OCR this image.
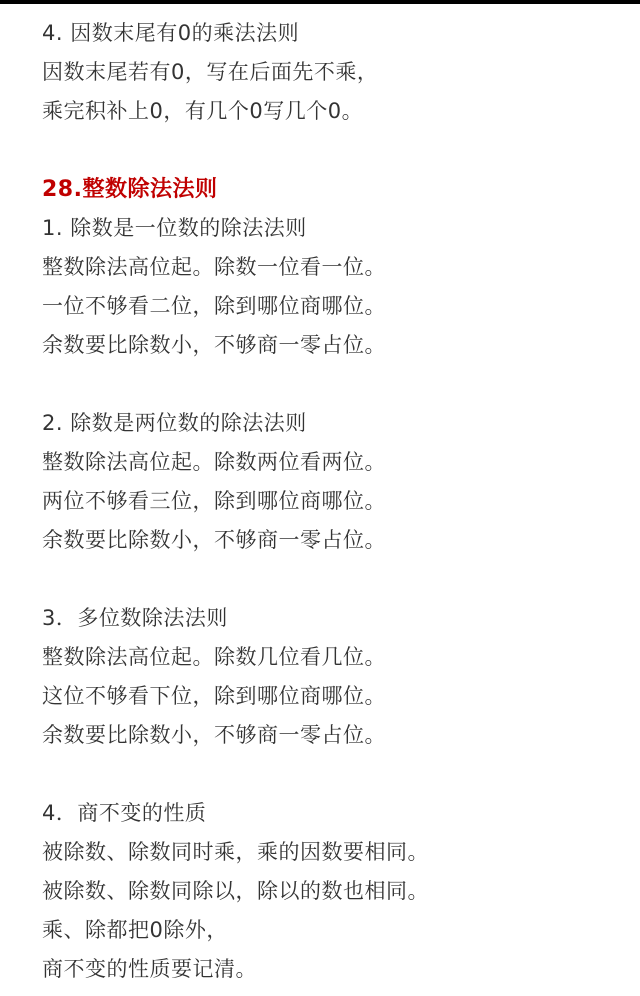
4. 因数末尾有0的乘法法则
因数末尾若有0，写在后面先不乘，
乘完积补上0，有几个0写几个0。
28.整数除法法则
1. 除数是一位数的除法法则
整数除法高位起。除数一位看一位。
一位不够看二位，除到哪位商哪位。
余数要比除数小，不够商一零占位。
2. 除数是两位数的除法法则
整数除法高位起。除数两位看两位。
两位不够看三位，除到哪位商哪位。
余数要比除数小，不够商一零占位。
3．多位数除法法则
整数除法高位起。除数几位看几位。
这位不够看下位，除到哪位商哪位。
余数要比除数小，不够商一零占位。
4．商不变的性质
被除数、除数同时乘，乘的因数要相同。
被除数、除数同除以，除以的数也相同。
乘、除都把0除外，
商不变的性质要记清。
